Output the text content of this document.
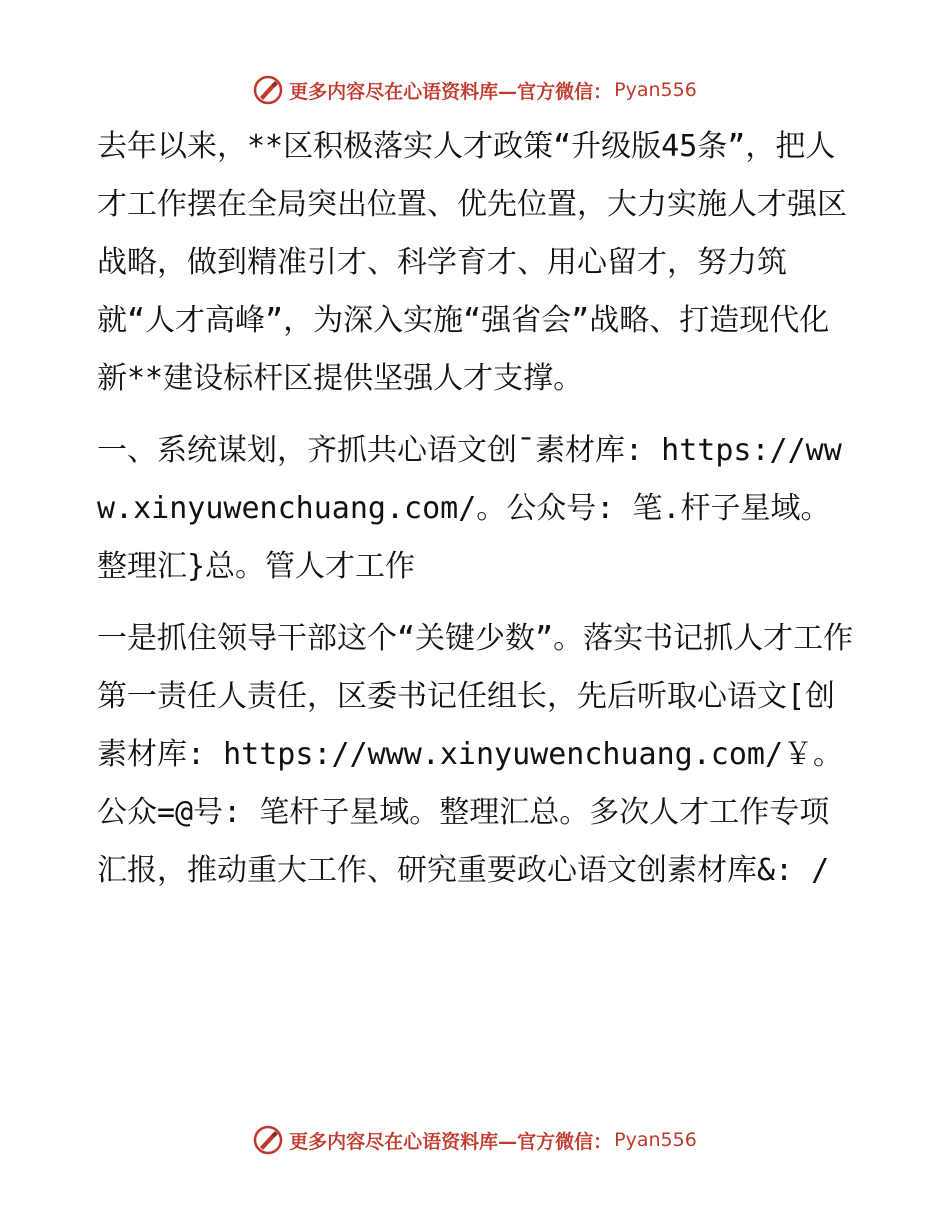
更多内容尽在心语资料库—官方微信： Pyan556

去年以来，**区积极落实人才政策“升级版45条”，把人才工作摆在全局突出位置、优先位置，大力实施人才强区战略，做到精准引才、科学育才、用心留才，努力筑就“人才高峰”，为深入实施“强省会”战略、打造现代化新**建设标杆区提供坚强人才支撑。

一、系统谋划，齐抓共心语文创¯素材库: https://www.xinyuwenchuang.com/。公众号: 笔.杆子星域。整理汇}总。管人才工作

一是抓住领导干部这个“关键少数”。落实书记抓人才工作第一责任人责任，区委书记任组长，先后听取心语文[创素材库: https://www.xinyuwenchuang.com/￥。公众=@号: 笔杆子星域。整理汇总。多次人才工作专项汇报，推动重大工作、研究重要政心语文创素材库&: /

更多内容尽在心语资料库—官方微信： Pyan556
